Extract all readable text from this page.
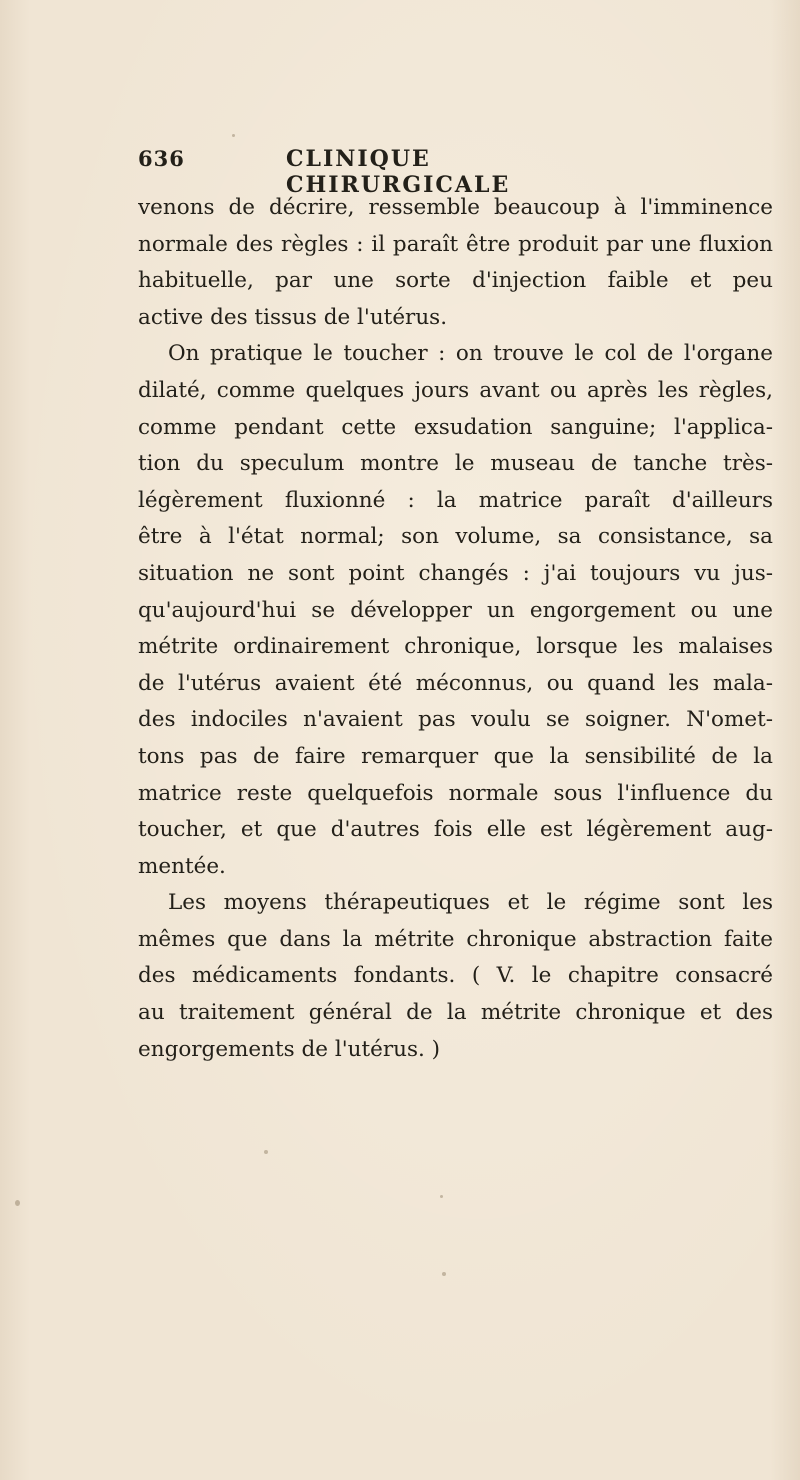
636	CLINIQUE CHIRURGICALE
venons de décrire, ressemble beaucoup à l'imminence
normale des règles : il paraît être produit par une fluxion
habituelle, par une sorte d'injection faible et peu
active des tissus de l'utérus.
On pratique le toucher : on trouve le col de l'organe
dilaté, comme quelques jours avant ou après les règles,
comme pendant cette exsudation sanguine; l'applica-
tion du speculum montre le museau de tanche très-
légèrement fluxionné : la matrice paraît d'ailleurs
être à l'état normal; son volume, sa consistance, sa
situation ne sont point changés : j'ai toujours vu jus-
qu'aujourd'hui se développer un engorgement ou une
métrite ordinairement chronique, lorsque les malaises
de l'utérus avaient été méconnus, ou quand les mala-
des indociles n'avaient pas voulu se soigner. N'omet-
tons pas de faire remarquer que la sensibilité de la
matrice reste quelquefois normale sous l'influence du
toucher, et que d'autres fois elle est légèrement aug-
mentée.
Les moyens thérapeutiques et le régime sont les
mêmes que dans la métrite chronique abstraction faite
des médicaments fondants. ( V. le chapitre consacré
au traitement général de la métrite chronique et des
engorgements de l'utérus. )
